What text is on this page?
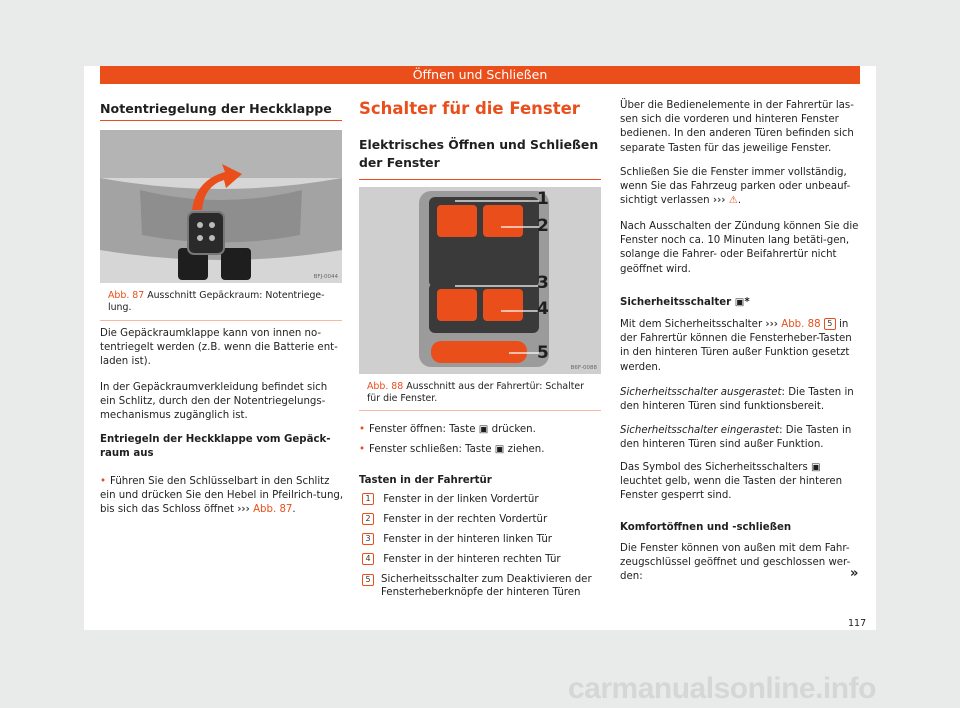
Öffnen und Schließen
Notentriegelung der Heckklappe
BFJ-0044
Abb. 87 Ausschnitt Gepäckraum: Notentriege-lung.

Die Gepäckraumklappe kann von innen no-tentriegelt werden (z.B. wenn die Batterie ent-laden ist).

In der Gepäckraumverkleidung befindet sich ein Schlitz, durch den der Notentriegelungs-mechanismus zugänglich ist.

Entriegeln der Heckklappe vom Gepäck-raum aus

• Führen Sie den Schlüsselbart in den Schlitz ein und drücken Sie den Hebel in Pfeilrich-tung, bis sich das Schloss öffnet ››› Abb. 87.

Schalter für die Fenster
Elektrisches Öffnen und Schließen der Fenster
1
2
3
4
5
B6F-0088
Abb. 88 Ausschnitt aus der Fahrertür: Schalter für die Fenster.

• Fenster öffnen: Taste ▣ drücken.

• Fenster schließen: Taste ▣ ziehen.

Tasten in der Fahrertür

1 Fenster in der linken Vordertür
2 Fenster in der rechten Vordertür
3 Fenster in der hinteren linken Tür
4 Fenster in der hinteren rechten Tür
5	Sicherheitsschalter zum Deaktivieren der Fensterheberknöpfe der hinteren Türen

Über die Bedienelemente in der Fahrertür las-sen sich die vorderen und hinteren Fenster bedienen. In den anderen Türen befinden sich separate Tasten für das jeweilige Fenster.

Schließen Sie die Fenster immer vollständig, wenn Sie das Fahrzeug parken oder unbeauf-sichtigt verlassen ››› ⚠.

Nach Ausschalten der Zündung können Sie die Fenster noch ca. 10 Minuten lang betäti-gen, solange die Fahrer- oder Beifahrertür nicht geöffnet wird.

Sicherheitsschalter ▣*

Mit dem Sicherheitsschalter ››› Abb. 88 5 in der Fahrertür können die Fensterheber-Tasten in den hinteren Türen außer Funktion gesetzt werden.

Sicherheitsschalter ausgerastet: Die Tasten in den hinteren Türen sind funktionsbereit.

Sicherheitsschalter eingerastet: Die Tasten in den hinteren Türen sind außer Funktion.

Das Symbol des Sicherheitsschalters ▣ leuchtet gelb, wenn die Tasten der hinteren Fenster gesperrt sind.

Komfortöffnen und -schließen

Die Fenster können von außen mit dem Fahr-zeugschlüssel geöffnet und geschlossen wer-den:	»
117
carmanualsonline.info
